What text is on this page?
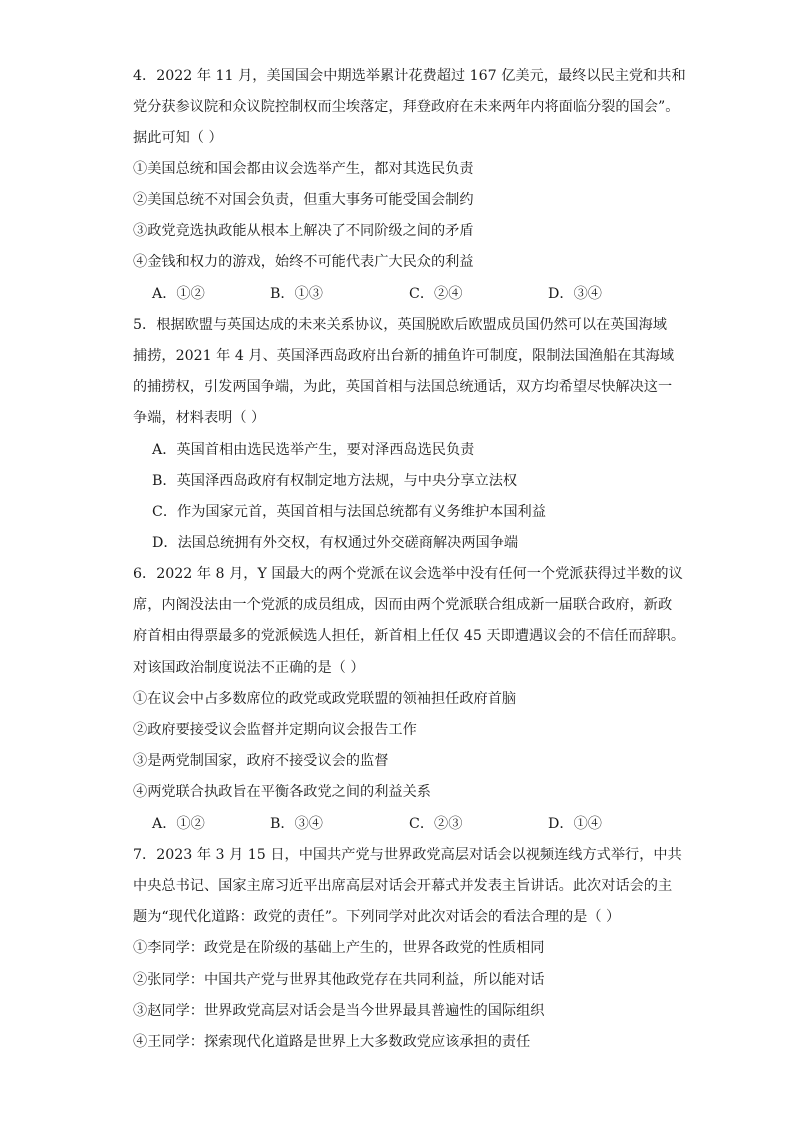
4．2022 年 11 月，美国国会中期选举累计花费超过 167 亿美元，最终以民主党和共和
党分获参议院和众议院控制权而尘埃落定，拜登政府在未来两年内将面临分裂的国会”。
据此可知（ ）
①美国总统和国会都由议会选举产生，都对其选民负责
②美国总统不对国会负责，但重大事务可能受国会制约
③政党竞选执政能从根本上解决了不同阶级之间的矛盾
④金钱和权力的游戏，始终不可能代表广大民众的利益
A．①②	B．①③	C．②④	D．③④
5．根据欧盟与英国达成的未来关系协议，英国脱欧后欧盟成员国仍然可以在英国海域
捕捞，2021 年 4 月、英国泽西岛政府出台新的捕鱼许可制度，限制法国渔船在其海域
的捕捞权，引发两国争端，为此，英国首相与法国总统通话，双方均希望尽快解决这一
争端，材料表明（ ）
A．英国首相由选民选举产生，要对泽西岛选民负责
B．英国泽西岛政府有权制定地方法规，与中央分享立法权
C．作为国家元首，英国首相与法国总统都有义务维护本国利益
D．法国总统拥有外交权，有权通过外交磋商解决两国争端
6．2022 年 8 月，Y 国最大的两个党派在议会选举中没有任何一个党派获得过半数的议
席，内阁没法由一个党派的成员组成，因而由两个党派联合组成新一届联合政府，新政
府首相由得票最多的党派候选人担任，新首相上任仅 45 天即遭遇议会的不信任而辞职。
对该国政治制度说法不正确的是（ ）
①在议会中占多数席位的政党或政党联盟的领袖担任政府首脑
②政府要接受议会监督并定期向议会报告工作
③是两党制国家，政府不接受议会的监督
④两党联合执政旨在平衡各政党之间的利益关系
A．①②	B．③④	C．②③	D．①④
7．2023 年 3 月 15 日，中国共产党与世界政党高层对话会以视频连线方式举行，中共
中央总书记、国家主席习近平出席高层对话会开幕式并发表主旨讲话。此次对话会的主
题为“现代化道路：政党的责任”。下列同学对此次对话会的看法合理的是（ ）
①李同学：政党是在阶级的基础上产生的，世界各政党的性质相同
②张同学：中国共产党与世界其他政党存在共同利益，所以能对话
③赵同学：世界政党高层对话会是当今世界最具普遍性的国际组织
④王同学：探索现代化道路是世界上大多数政党应该承担的责任
